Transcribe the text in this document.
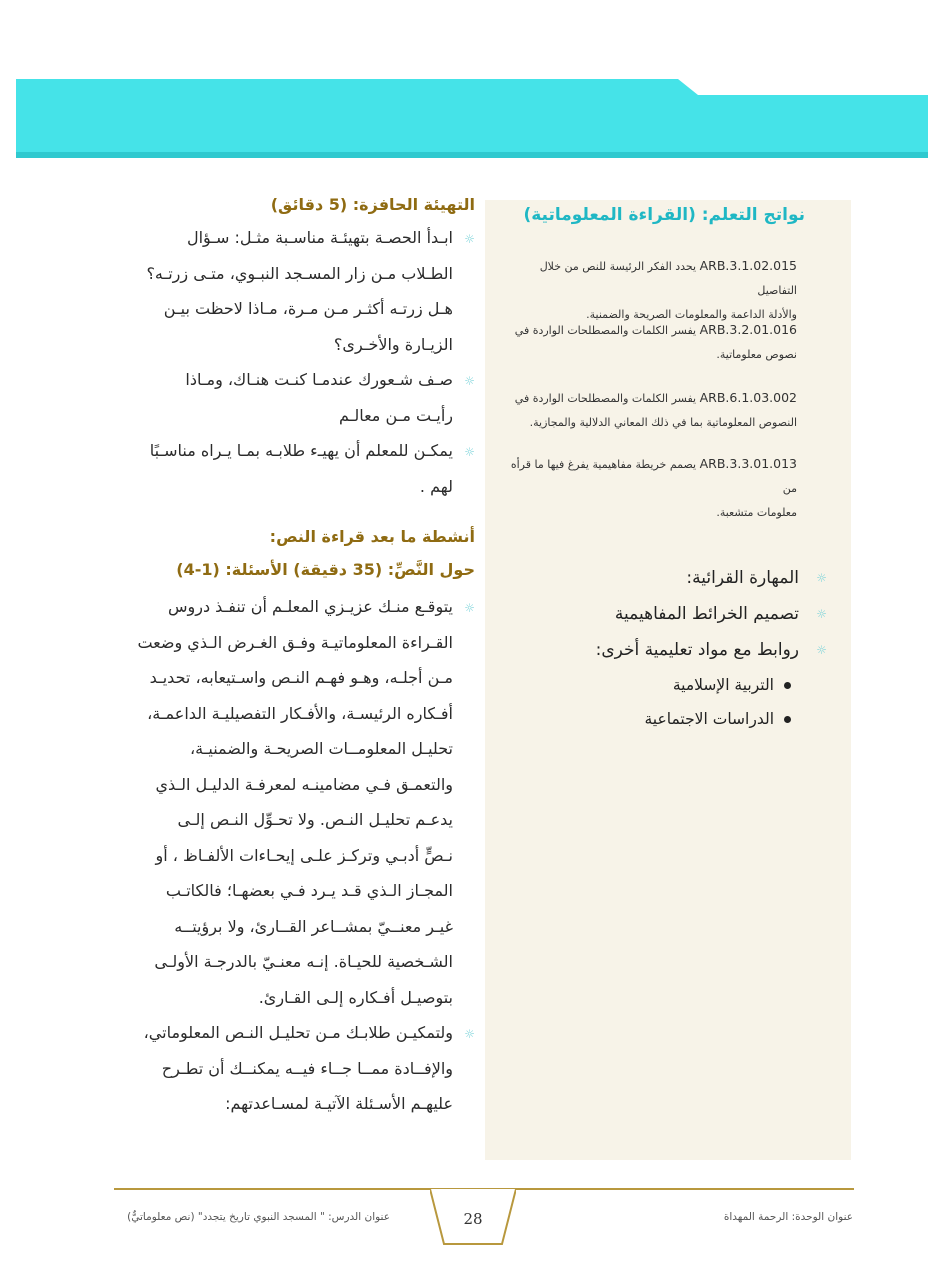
نواتج التعلم: (القراءة المعلوماتية)
ARB.3.1.02.015 يحدد الفكر الرئيسة للنص من خلال التفاصيل
والأدلة الداعمة والمعلومات الصريحة والضمنية.
ARB.3.2.01.016 يفسر الكلمات والمصطلحات الواردة في
نصوص معلوماتية.
ARB.6.1.03.002 يفسر الكلمات والمصطلحات الواردة في
النصوص المعلوماتية بما في ذلك المعاني الدلالية والمجازية.
ARB.3.3.01.013 يصمم خريطة مفاهيمية يفرغ فيها ما قرأه من
معلومات متشعبة.
☼
المهارة القرائية:
☼
تصميم الخرائط المفاهيمية
☼
روابط مع مواد تعليمية أخرى:
التربية الإسلامية
الدراسات الاجتماعية
التهيئة الحافزة: (5 دقائق)
☼
ابـدأ الحصـة بتهيئـة مناسـبة مثـل: سـؤال
الطـلاب مـن زار المسـجد النبـوي، متـى زرتـه؟
هـل زرتـه أكثـر مـن مـرة، مـاذا لاحظت بيـن
الزيـارة والأخـرى؟
☼
صـف شـعورك عندمـا كنـت هنـاك، ومـاذا
رأيـت مـن معالـم
☼
يمكـن للمعلم أن يهيـء طلابـه بمـا يـراه مناسـبًا
لهم .
أنشطة ما بعد قراءة النص:
حول النَّصِّ: (35 دقيقة) الأسئلة: (1-4)
☼
يتوقـع منـك عزيـزي المعلـم أن تنفـذ دروس
القـراءة المعلوماتيـة وفـق الغـرض الـذي وضعت
مـن أجلـه، وهـو فهـم النـص واسـتيعابه، تحديـد
أفـكاره الرئيسـة، والأفـكار التفصيليـة الداعمـة،
تحليـل المعلومــات الصريحـة والضمنيـة،
والتعمـق فـي مضامينـه لمعرفـة الدليـل الـذي
يدعـم تحليـل النـص. ولا تحـوِّل النـص إلـى
نـصٍّ أدبـي وتركـز علـى إيحـاءات الألفـاظ ، أو
المجـاز الـذي قـد يـرد فـي بعضهـا؛ فالكاتـب
غيـر معنــيّ بمشــاعر القــارئ، ولا برؤيتــه
الشـخصية للحيـاة. إنـه معنـيّ بالدرجـة الأولـى
بتوصيـل أفـكاره إلـى القـارئ.
☼
ولتمكيـن طلابـك مـن تحليـل النـص المعلوماتي،
والإفــادة ممــا جــاء فيــه يمكنــك أن تطـرح
عليهـم الأسـئلة الآتيـة لمسـاعدتهم:
28	عنوان الوحدة: الرحمة المهداة
عنوان الدرس: " المسجد النبوي تاريخ يتجدد" (نص معلوماتيٌّ)
